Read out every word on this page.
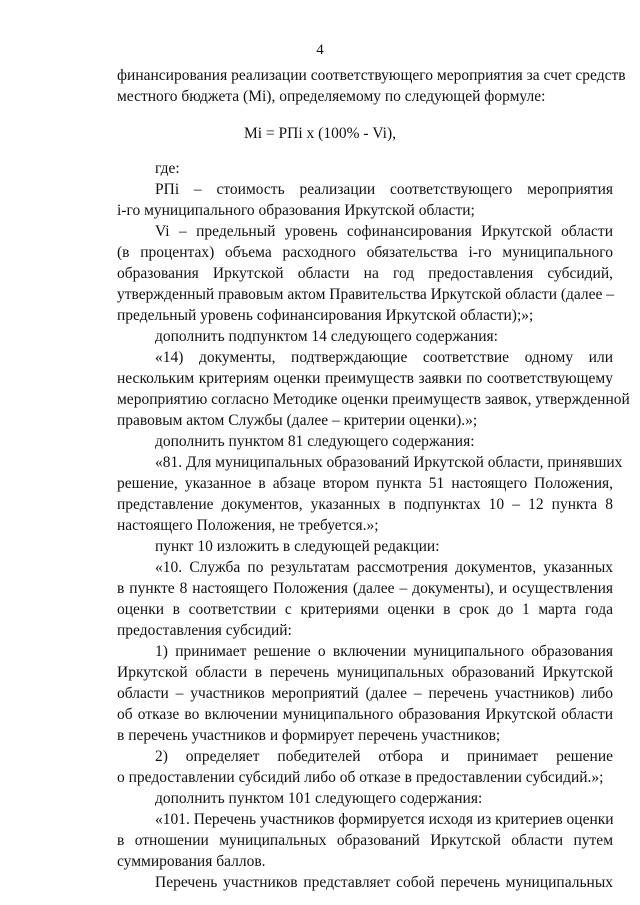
4
финансирования реализации соответствующего мероприятия за счет средств
местного бюджета (Mi), определяемому по следующей формуле:
Mi = РПi х (100% - Vi),
где:
РПi – стоимость реализации соответствующего мероприятия
i-го муниципального образования Иркутской области;
Vi – предельный уровень софинансирования Иркутской области
(в процентах) объема расходного обязательства i-го муниципального
образования Иркутской области на год предоставления субсидий,
утвержденный правовым актом Правительства Иркутской области (далее –
предельный уровень софинансирования Иркутской области);»;
дополнить подпунктом 14 следующего содержания:
«14) документы, подтверждающие соответствие одному или
нескольким критериям оценки преимуществ заявки по соответствующему
мероприятию согласно Методике оценки преимуществ заявок, утвержденной
правовым актом Службы (далее – критерии оценки).»;
дополнить пунктом 81 следующего содержания:
«81. Для муниципальных образований Иркутской области, принявших
решение, указанное в абзаце втором пункта 51 настоящего Положения,
представление документов, указанных в подпунктах 10 – 12 пункта 8
настоящего Положения, не требуется.»;
пункт 10 изложить в следующей редакции:
«10. Служба по результатам рассмотрения документов, указанных
в пункте 8 настоящего Положения (далее – документы), и осуществления
оценки в соответствии с критериями оценки в срок до 1 марта года
предоставления субсидий:
1) принимает решение о включении муниципального образования
Иркутской области в перечень муниципальных образований Иркутской
области – участников мероприятий (далее – перечень участников) либо
об отказе во включении муниципального образования Иркутской области
в перечень участников и формирует перечень участников;
2) определяет победителей отбора и принимает решение
о предоставлении субсидий либо об отказе в предоставлении субсидий.»;
дополнить пунктом 101 следующего содержания:
«101. Перечень участников формируется исходя из критериев оценки
в отношении муниципальных образований Иркутской области путем
суммирования баллов.
Перечень участников представляет собой перечень муниципальных
